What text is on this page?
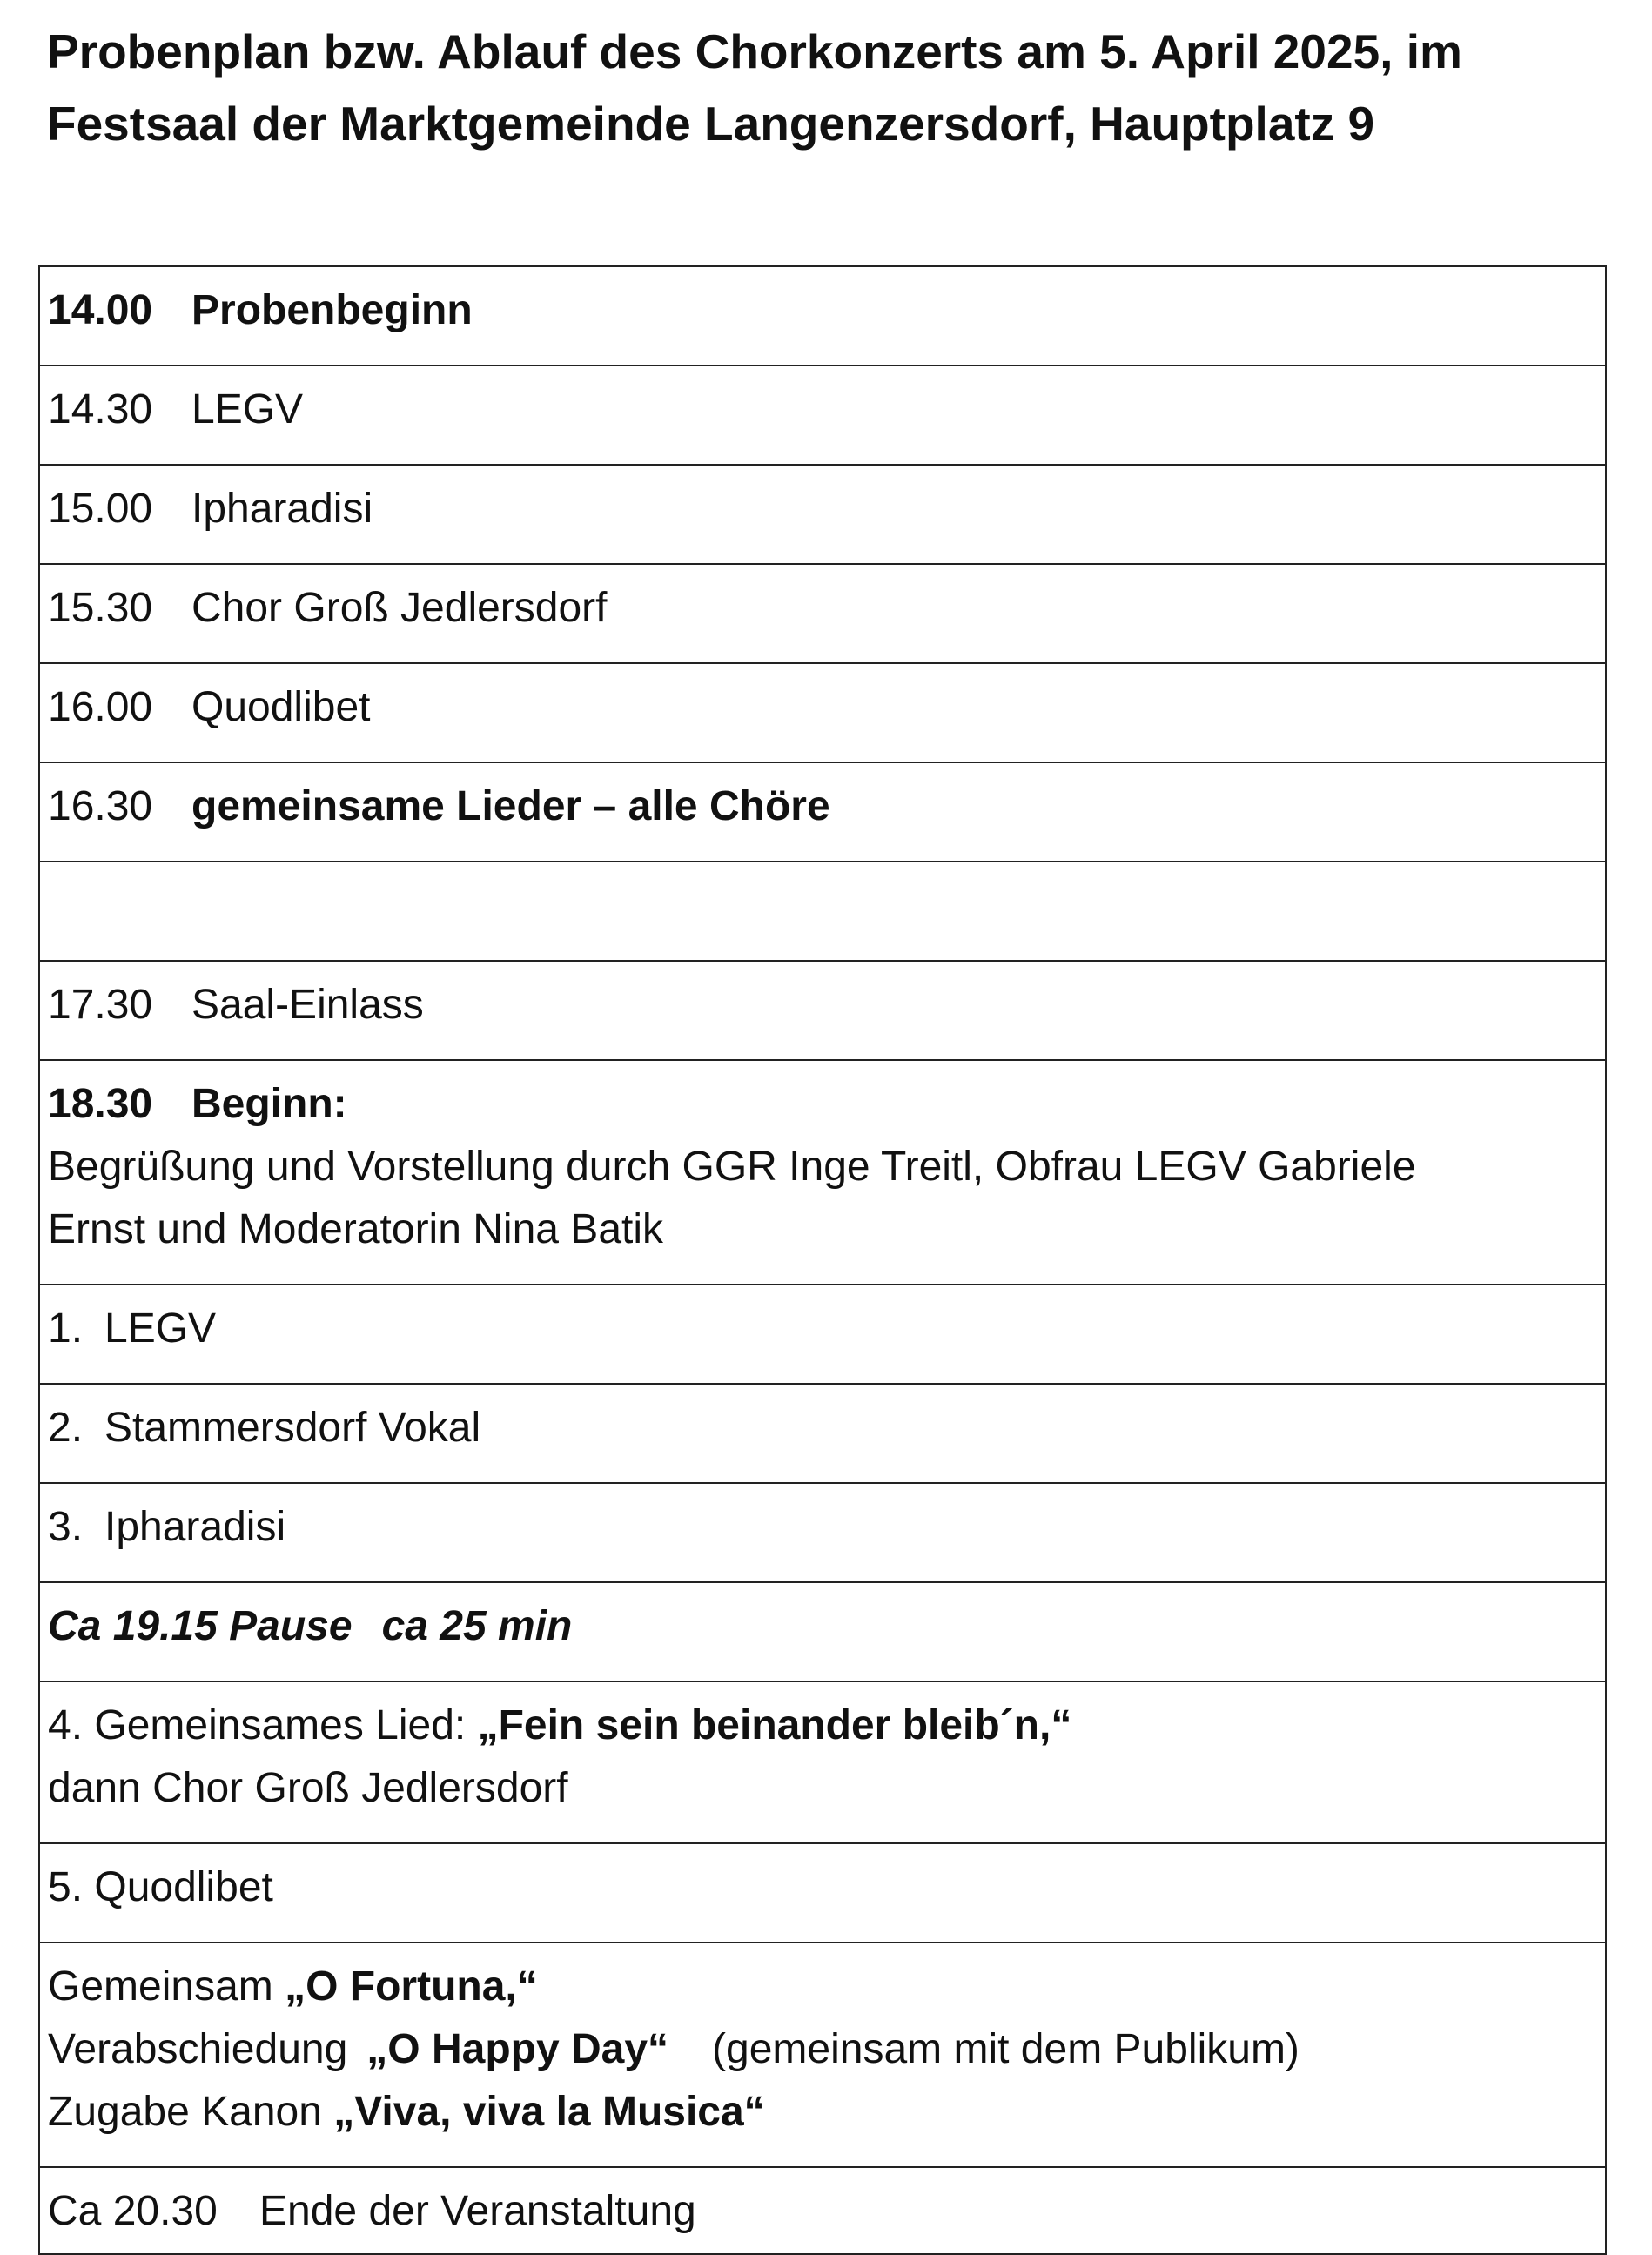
Probenplan bzw. Ablauf des Chorkonzerts am 5. April 2025, im
Festsaal der Marktgemeinde Langenzersdorf, Hauptplatz 9
14.00 Probenbeginn

14.30 LEGV

15.00 Ipharadisi

15.30 Chor Groß Jedlersdorf

16.00 Quodlibet

16.30 gemeinsame Lieder – alle Chöre

17.30 Saal-Einlass

18.30 Beginn:
Begrüßung und Vorstellung durch GGR Inge Treitl, Obfrau LEGV Gabriele
Ernst und Moderatorin Nina Batik

1. LEGV

2. Stammersdorf Vokal

3. Ipharadisi

Ca 19.15 Pause ca 25 min

4. Gemeinsames Lied: „Fein sein beinander bleib´n,“
dann Chor Groß Jedlersdorf

5. Quodlibet

Gemeinsam „O Fortuna,“
Verabschiedung „O Happy Day“ (gemeinsam mit dem Publikum)
Zugabe Kanon „Viva, viva la Musica“

Ca 20.30 Ende der Veranstaltung
